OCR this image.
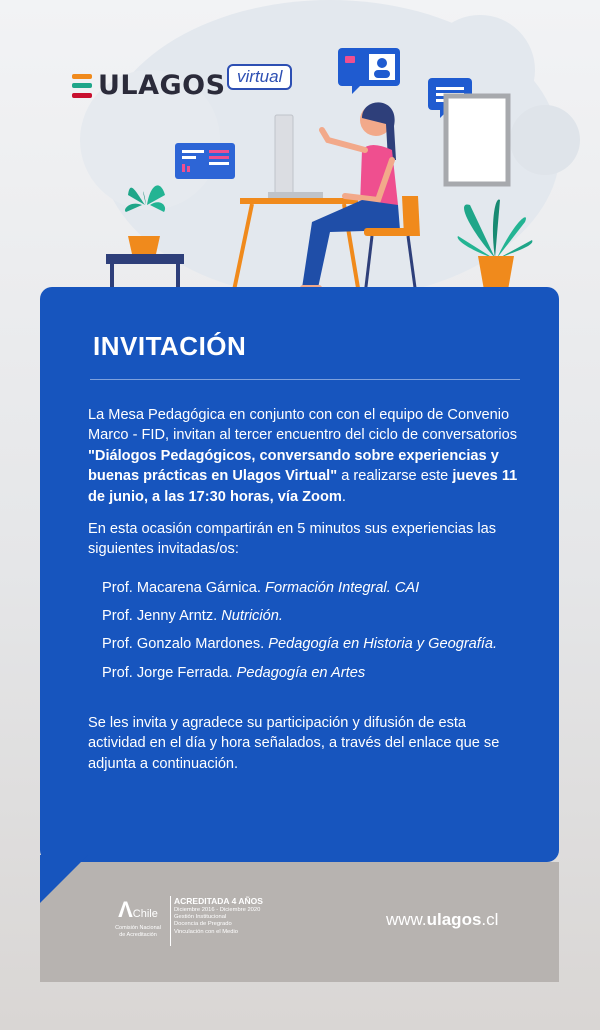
ULAGOS virtual
INVITACIÓN

La Mesa Pedagógica en conjunto con con el equipo de Convenio Marco - FID, invitan al tercer encuentro del ciclo de conversatorios "Diálogos Pedagógicos, conversando sobre experiencias y buenas prácticas en Ulagos Virtual" a realizarse este jueves 11 de junio, a las 17:30 horas, vía Zoom.

En esta ocasión compartirán en 5 minutos sus experiencias las siguientes invitadas/os:

Prof. Macarena Gárnica. Formación Integral. CAI
Prof. Jenny Arntz. Nutrición.
Prof. Gonzalo Mardones. Pedagogía en Historia y Geografía.
Prof. Jorge Ferrada. Pedagogía en Artes

Se les invita y agradece su participación y difusión de esta actividad en el día y hora señalados, a través del enlace que se adjunta a continuación.

ΛChile
Comisión Nacional
de Acreditación
ACREDITADA 4 AÑOS
Diciembre 2016 - Diciembre 2020
Gestión Institucional
Docencia de Pregrado
Vinculación con el Medio
www.ulagos.cl
